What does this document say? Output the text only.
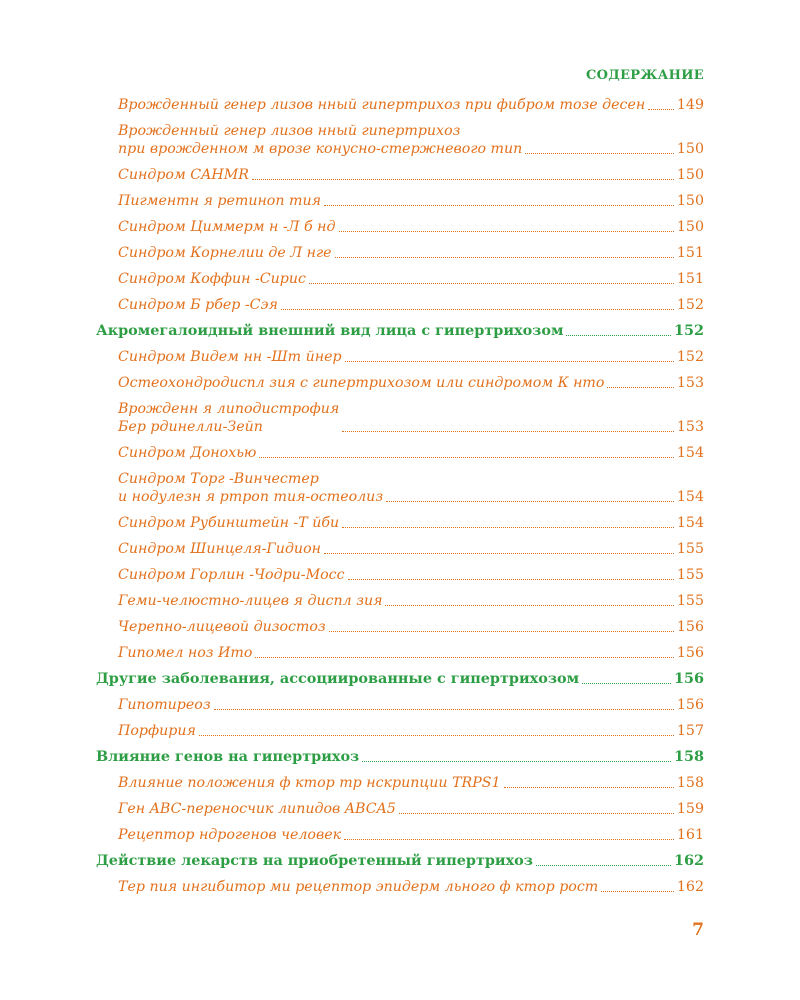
СОДЕРЖАНИЕ
Врожденный генер лизов нный гипертрихоз при фибром тозе десен 149
Врожденный генер лизов нный гипертрихоз
при врожденном м врозе конусно-стержневого тип	150
Синдром CAHMR	150
Пигментн я ретиноп тия	150
Синдром Циммерм н -Л б нд	150
Синдром Корнелии де Л нге	151
Синдром Коффин -Сирис	151
Синдром Б рбер -Сэя	152
Акромегалоидный внешний вид лица с гипертрихозом	152
Синдром Видем нн -Шт йнер	152
Остеохондродиспл зия с гипертрихозом или синдромом К нто	153
Врожденн я липодистрофия
Бер рдинелли-Зейп	153
Синдром Донохью	154
Синдром Торг -Винчестер
и нодулезн я ртроп тия-остеолиз	154
Синдром Рубинштейн -Т йби	154
Синдром Шинцеля-Гидион	155
Синдром Горлин -Чодри-Мосс	155
Геми-челюстно-лицев я диспл зия	155
Черепно-лицевой дизостоз	156
Гипомел ноз Ито	156
Другие заболевания, ассоциированные с гипертрихозом	156
Гипотиреоз	156
Порфирия	157
Влияние генов на гипертрихоз	158
Влияние положения ф ктор тр нскрипции TRPS1	158
Ген ABC-переносчик липидов ABCA5	159
Рецептор ндрогенов человек	161
Действие лекарств на приобретенный гипертрихоз	162
Тер пия ингибитор ми рецептор эпидерм льного ф ктор рост	162
7
